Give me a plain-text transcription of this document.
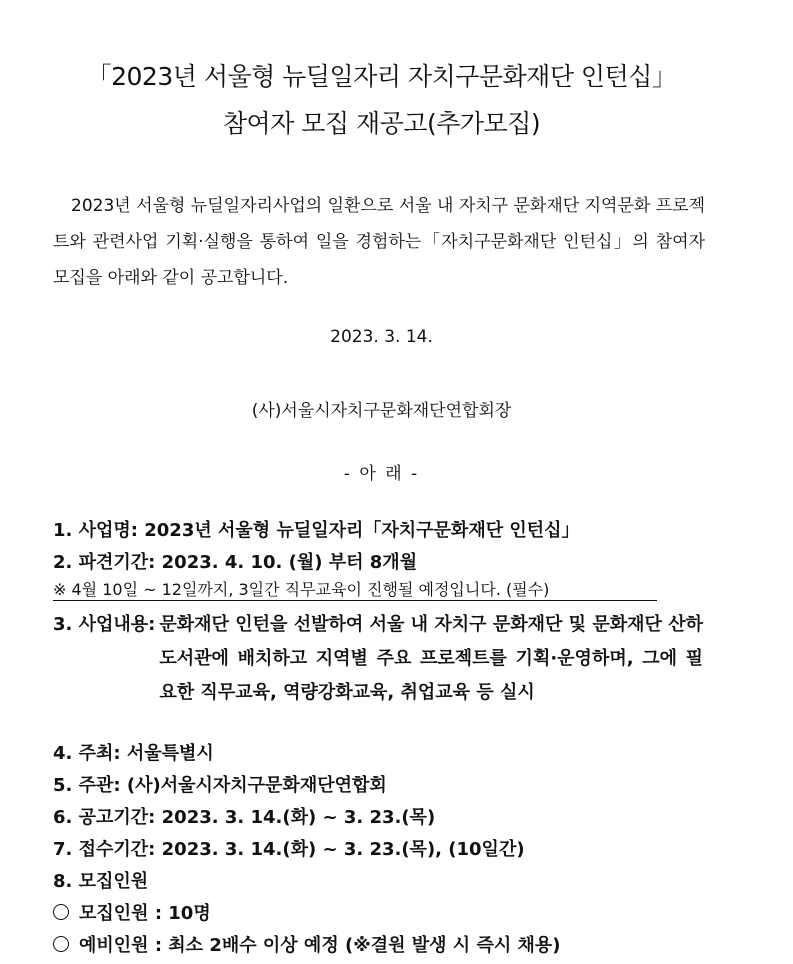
「2023년 서울형 뉴딜일자리 자치구문화재단 인턴십」
참여자 모집 재공고(추가모집)

2023년 서울형 뉴딜일자리사업의 일환으로 서울 내 자치구 문화재단 지역문화 프로젝트와 관련사업 기획·실행을 통하여 일을 경험하는「자치구문화재단 인턴십」의 참여자 모집을 아래와 같이 공고합니다.

2023. 3. 14.
(사)서울시자치구문화재단연합회장
- 아 래 -
1. 사업명: 2023년 서울형 뉴딜일자리「자치구문화재단 인턴십」
2. 파견기간: 2023. 4. 10. (월) 부터 8개월
※ 4월 10일 ~ 12일까지, 3일간 직무교육이 진행될 예정입니다. (필수)
3. 사업내용: 문화재단 인턴을 선발하여 서울 내 자치구 문화재단 및 문화재단 산하 도서관에 배치하고 지역별 주요 프로젝트를 기획·운영하며, 그에 필요한 직무교육, 역량강화교육, 취업교육 등 실시
4. 주최: 서울특별시
5. 주관: (사)서울시자치구문화재단연합회
6. 공고기간: 2023. 3. 14.(화) ~ 3. 23.(목)
7. 접수기간: 2023. 3. 14.(화) ~ 3. 23.(목), (10일간)
8. 모집인원
모집인원 : 10명
예비인원 : 최소 2배수 이상 예정 (※결원 발생 시 즉시 채용)
